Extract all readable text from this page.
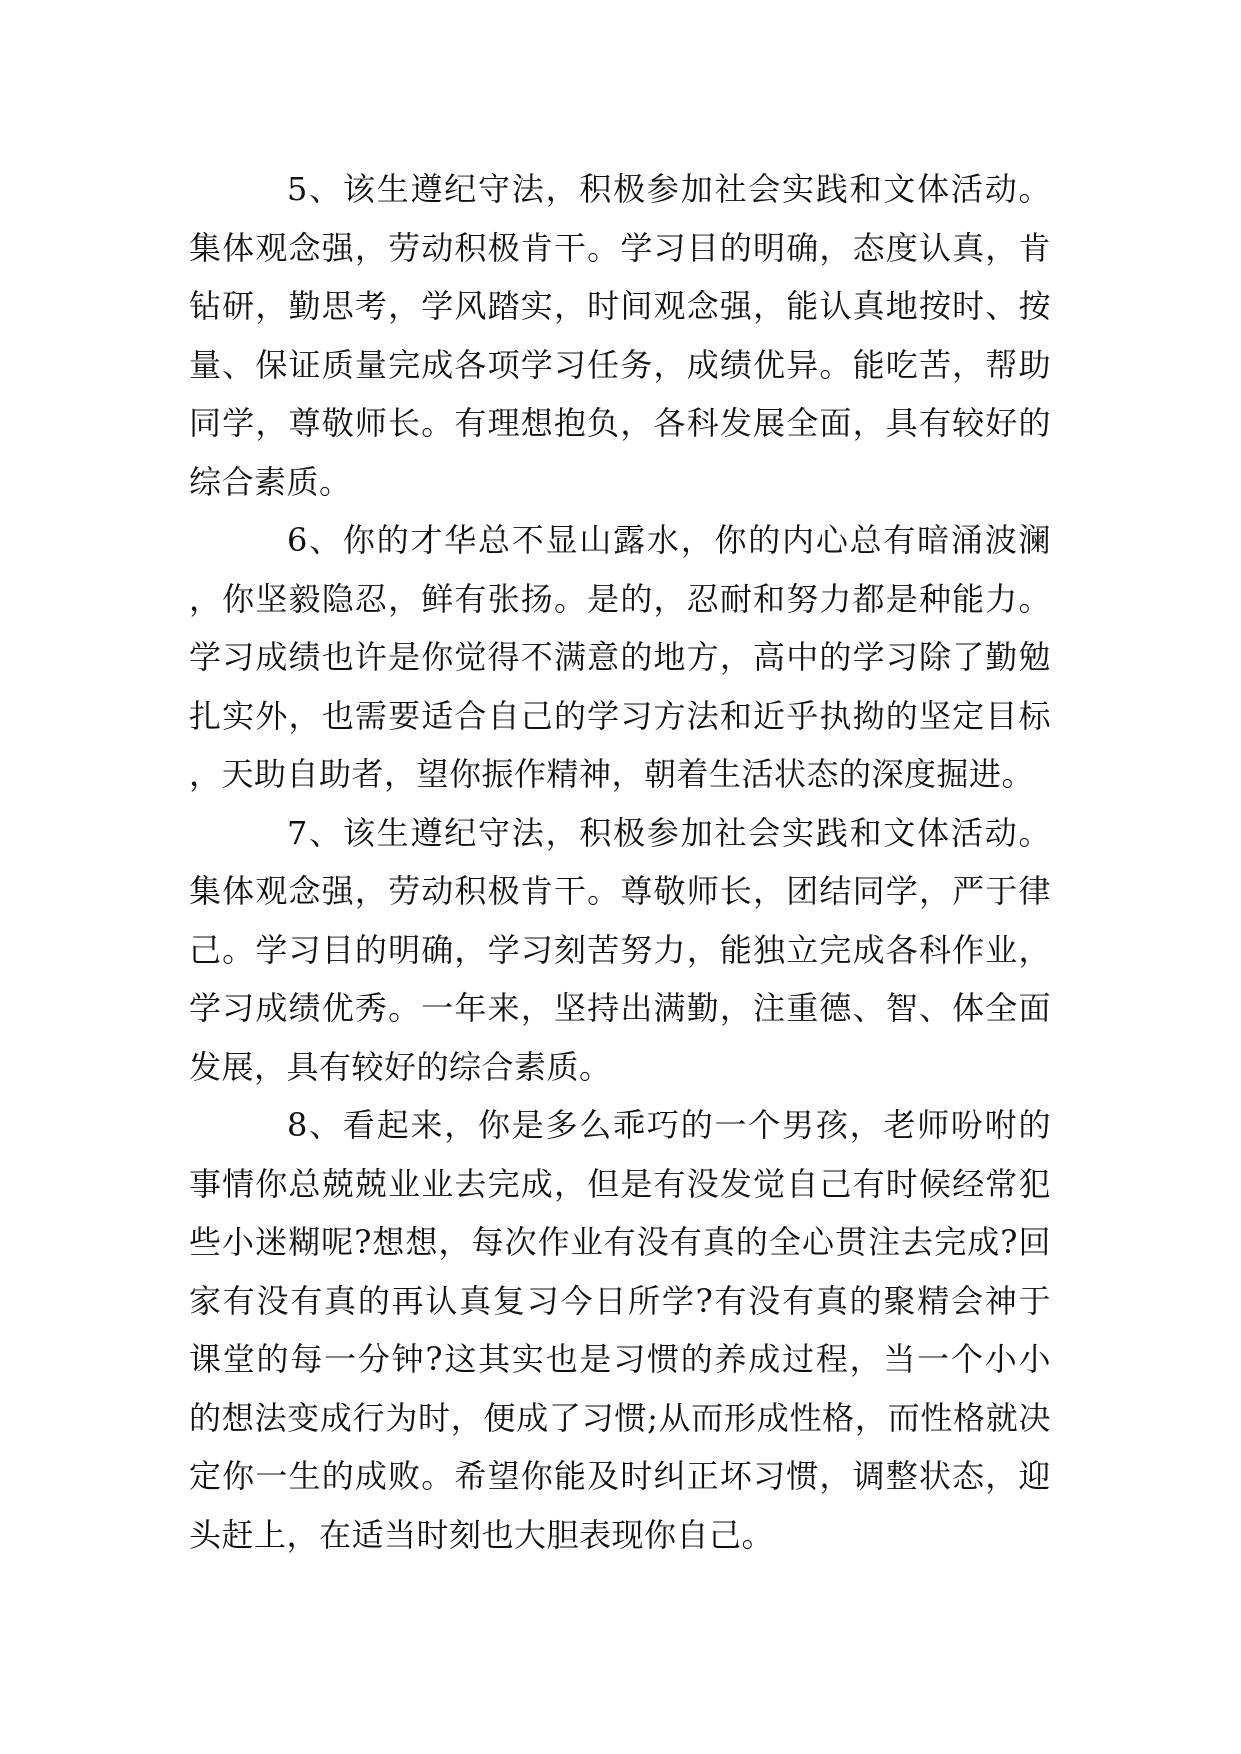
5、该生遵纪守法，积极参加社会实践和文体活动。集体观念强，劳动积极肯干。学习目的明确，态度认真，肯钻研，勤思考，学风踏实，时间观念强，能认真地按时、按量、保证质量完成各项学习任务，成绩优异。能吃苦，帮助同学，尊敬师长。有理想抱负，各科发展全面，具有较好的综合素质。

6、你的才华总不显山露水，你的内心总有暗涌波澜，你坚毅隐忍，鲜有张扬。是的，忍耐和努力都是种能力。学习成绩也许是你觉得不满意的地方，高中的学习除了勤勉扎实外，也需要适合自己的学习方法和近乎执拗的坚定目标，天助自助者，望你振作精神，朝着生活状态的深度掘进。

7、该生遵纪守法，积极参加社会实践和文体活动。集体观念强，劳动积极肯干。尊敬师长，团结同学，严于律己。学习目的明确，学习刻苦努力，能独立完成各科作业，学习成绩优秀。一年来，坚持出满勤，注重德、智、体全面发展，具有较好的综合素质。

8、看起来，你是多么乖巧的一个男孩，老师吩咐的事情你总兢兢业业去完成，但是有没发觉自己有时候经常犯些小迷糊呢?想想，每次作业有没有真的全心贯注去完成?回家有没有真的再认真复习今日所学?有没有真的聚精会神于课堂的每一分钟?这其实也是习惯的养成过程，当一个小小的想法变成行为时，便成了习惯;从而形成性格，而性格就决定你一生的成败。希望你能及时纠正坏习惯，调整状态，迎头赶上，在适当时刻也大胆表现你自己。
